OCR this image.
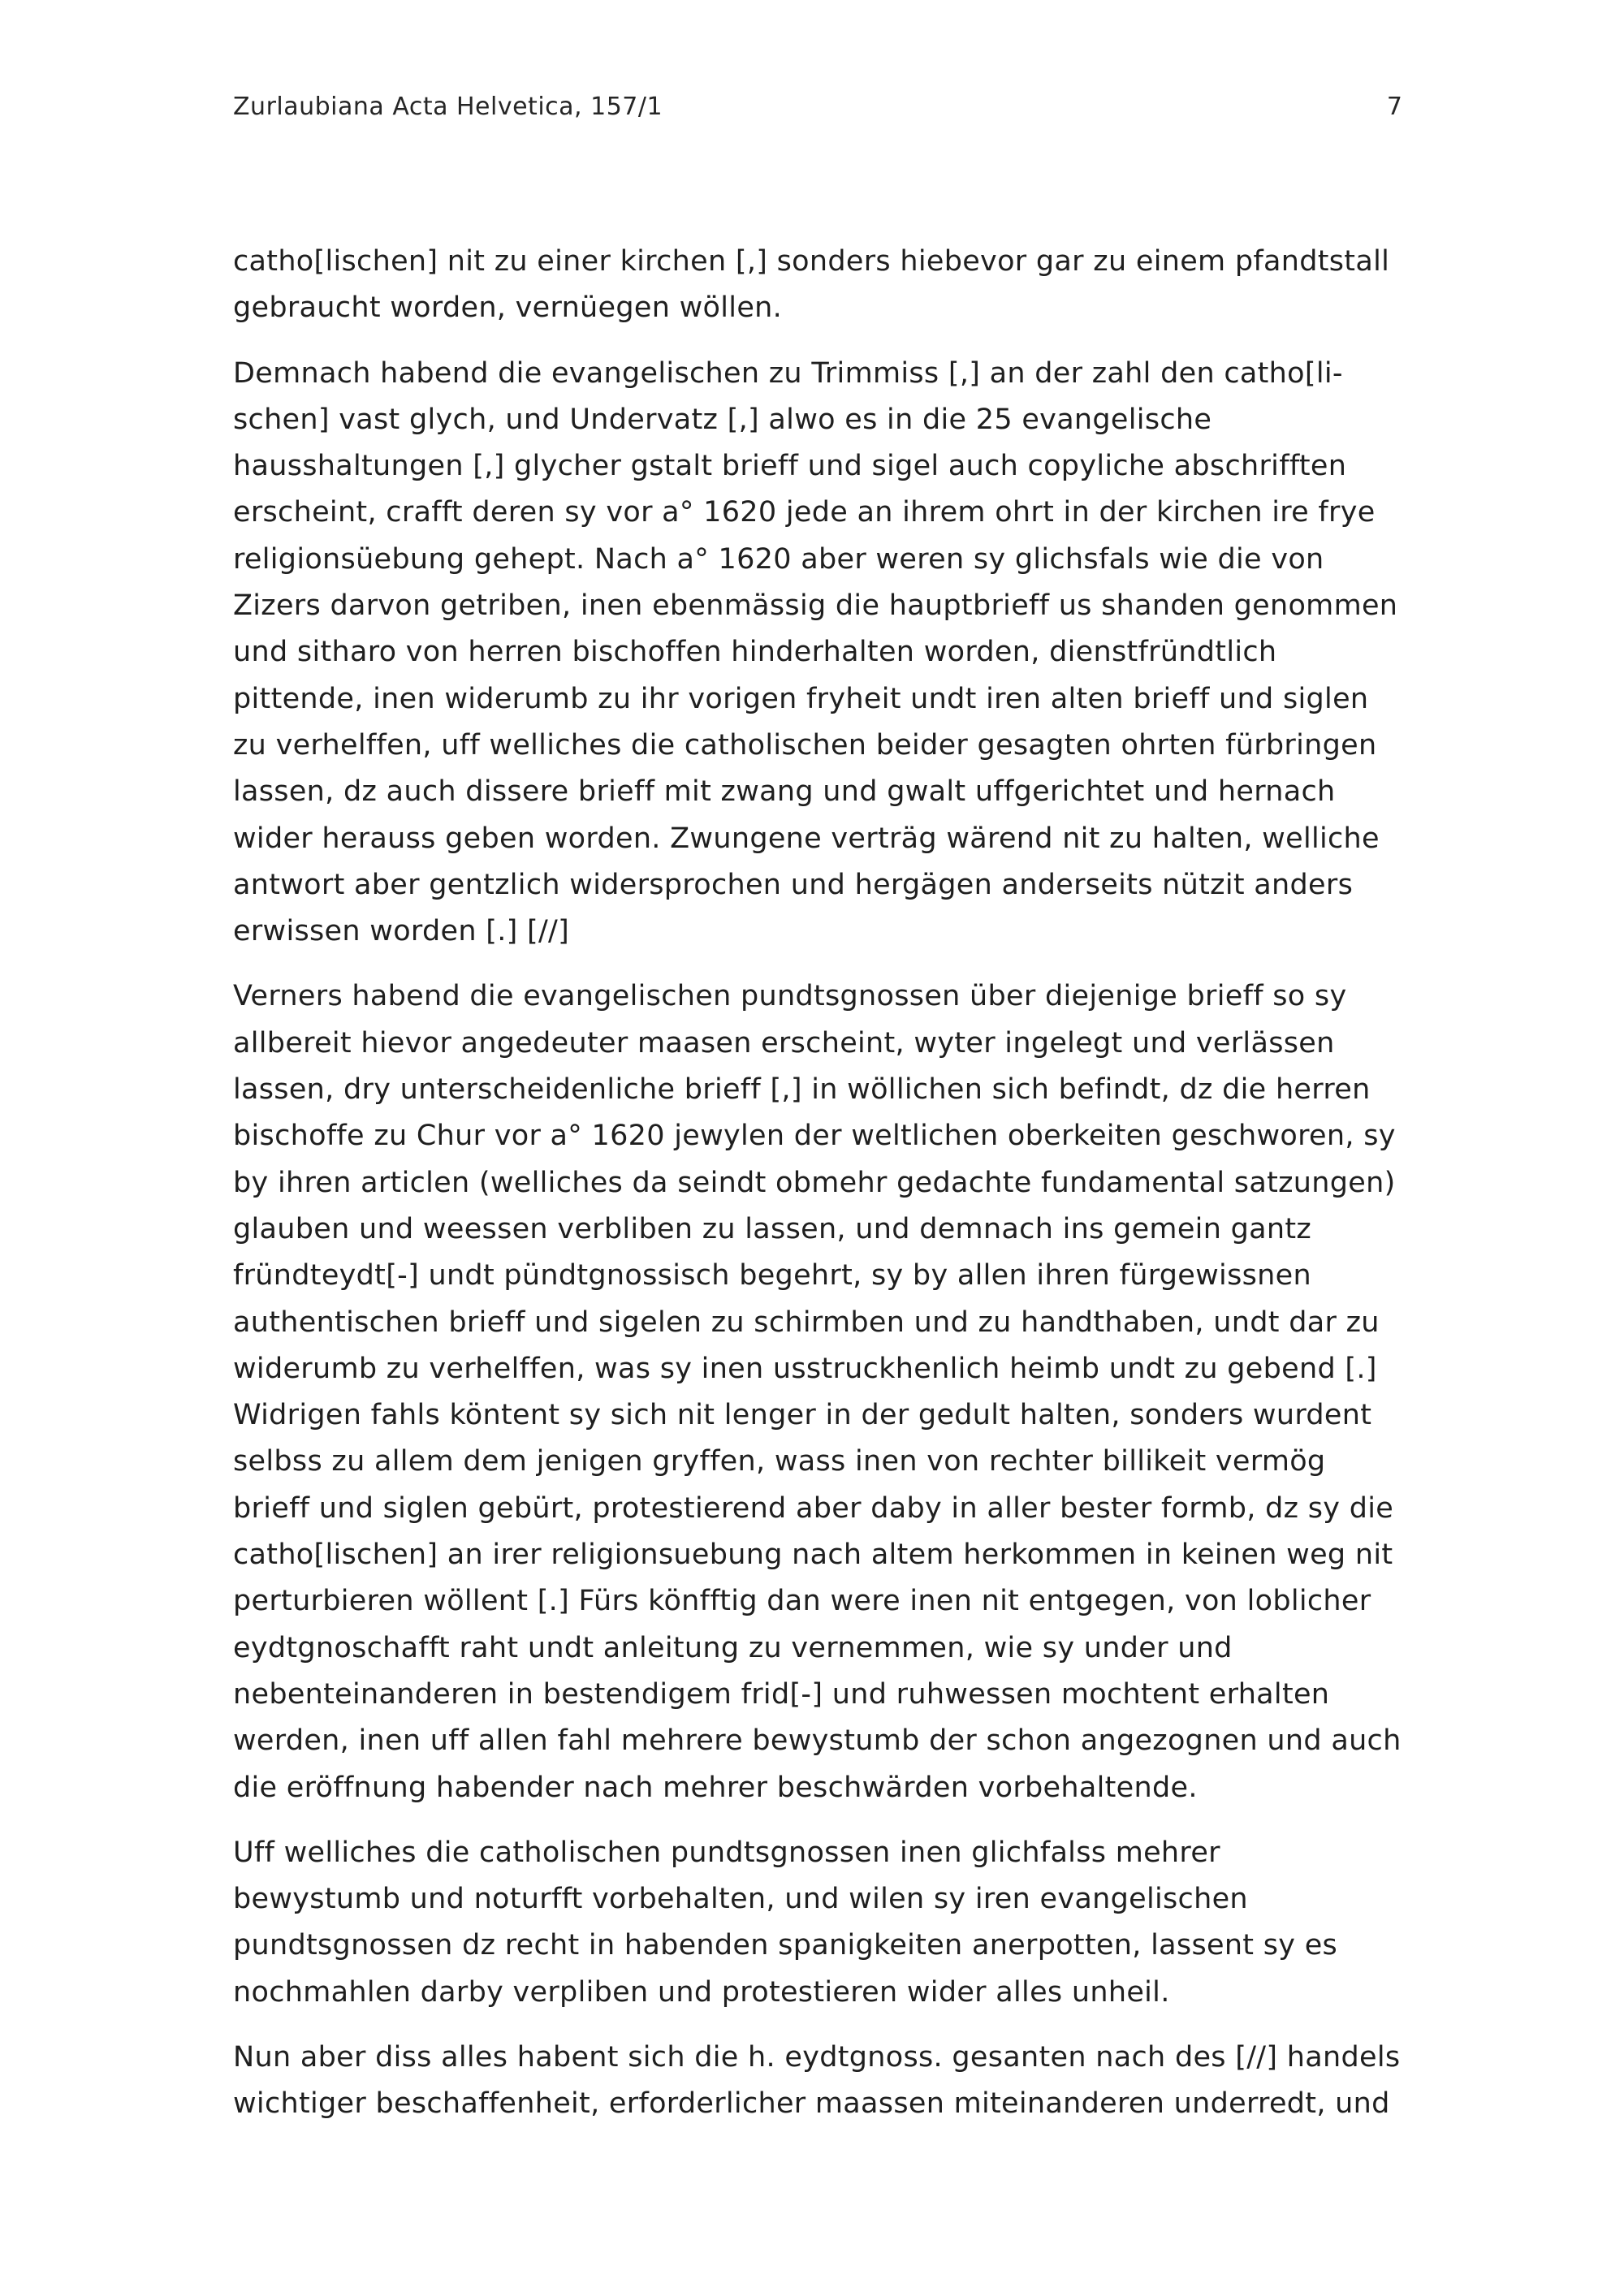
Zurlaubiana Acta Helvetica, 157/1	7

catho[lischen] nit zu einer kirchen [,] sonders hiebevor gar zu einem pfandtstall
gebraucht worden, vernüegen wöllen.

Demnach habend die evangelischen zu Trimmiss [,] an der zahl den catho[li-
schen] vast glych, und Undervatz [,] alwo es in die 25 evangelische
hausshaltungen [,] glycher gstalt brieff und sigel auch copyliche abschrifften
erscheint, crafft deren sy vor a° 1620 jede an ihrem ohrt in der kirchen ire frye
religionsüebung gehept. Nach a° 1620 aber weren sy glichsfals wie die von
Zizers darvon getriben, inen ebenmässig die hauptbrieff us shanden genommen
und sitharo von herren bischoffen hinderhalten worden, dienstfründtlich
pittende, inen widerumb zu ihr vorigen fryheit undt iren alten brieff und siglen
zu verhelffen, uff welliches die catholischen beider gesagten ohrten fürbringen
lassen, dz auch dissere brieff mit zwang und gwalt uffgerichtet und hernach
wider herauss geben worden. Zwungene verträg wärend nit zu halten, welliche
antwort aber gentzlich widersprochen und hergägen anderseits nützit anders
erwissen worden [.] [//]

Verners habend die evangelischen pundtsgnossen über diejenige brieff so sy
allbereit hievor angedeuter maasen erscheint, wyter ingelegt und verlässen
lassen, dry unterscheidenliche brieff [,] in wöllichen sich befindt, dz die herren
bischoffe zu Chur vor a° 1620 jewylen der weltlichen oberkeiten geschworen, sy
by ihren articlen (welliches da seindt obmehr gedachte fundamental satzungen)
glauben und weessen verbliben zu lassen, und demnach ins gemein gantz
fründteydt[-] undt pündtgnossisch begehrt, sy by allen ihren fürgewissnen
authentischen brieff und sigelen zu schirmben und zu handthaben, undt dar zu
widerumb zu verhelffen, was sy inen usstruckhenlich heimb undt zu gebend [.]
Widrigen fahls köntent sy sich nit lenger in der gedult halten, sonders wurdent
selbss zu allem dem jenigen gryffen, wass inen von rechter billikeit vermög
brieff und siglen gebürt, protestierend aber daby in aller bester formb, dz sy die
catho[lischen] an irer religionsuebung nach altem herkommen in keinen weg nit
perturbieren wöllent [.] Fürs könfftig dan were inen nit entgegen, von loblicher
eydtgnoschafft raht undt anleitung zu vernemmen, wie sy under und
nebenteinanderen in bestendigem frid[-] und ruhwessen mochtent erhalten
werden, inen uff allen fahl mehrere bewystumb der schon angezognen und auch
die eröffnung habender nach mehrer beschwärden vorbehaltende.

Uff welliches die catholischen pundtsgnossen inen glichfalss mehrer
bewystumb und noturfft vorbehalten, und wilen sy iren evangelischen
pundtsgnossen dz recht in habenden spanigkeiten anerpotten, lassent sy es
nochmahlen darby verpliben und protestieren wider alles unheil.

Nun aber diss alles habent sich die h. eydtgnoss. gesanten nach des [//] handels
wichtiger beschaffenheit, erforderlicher maassen miteinanderen underredt, und
